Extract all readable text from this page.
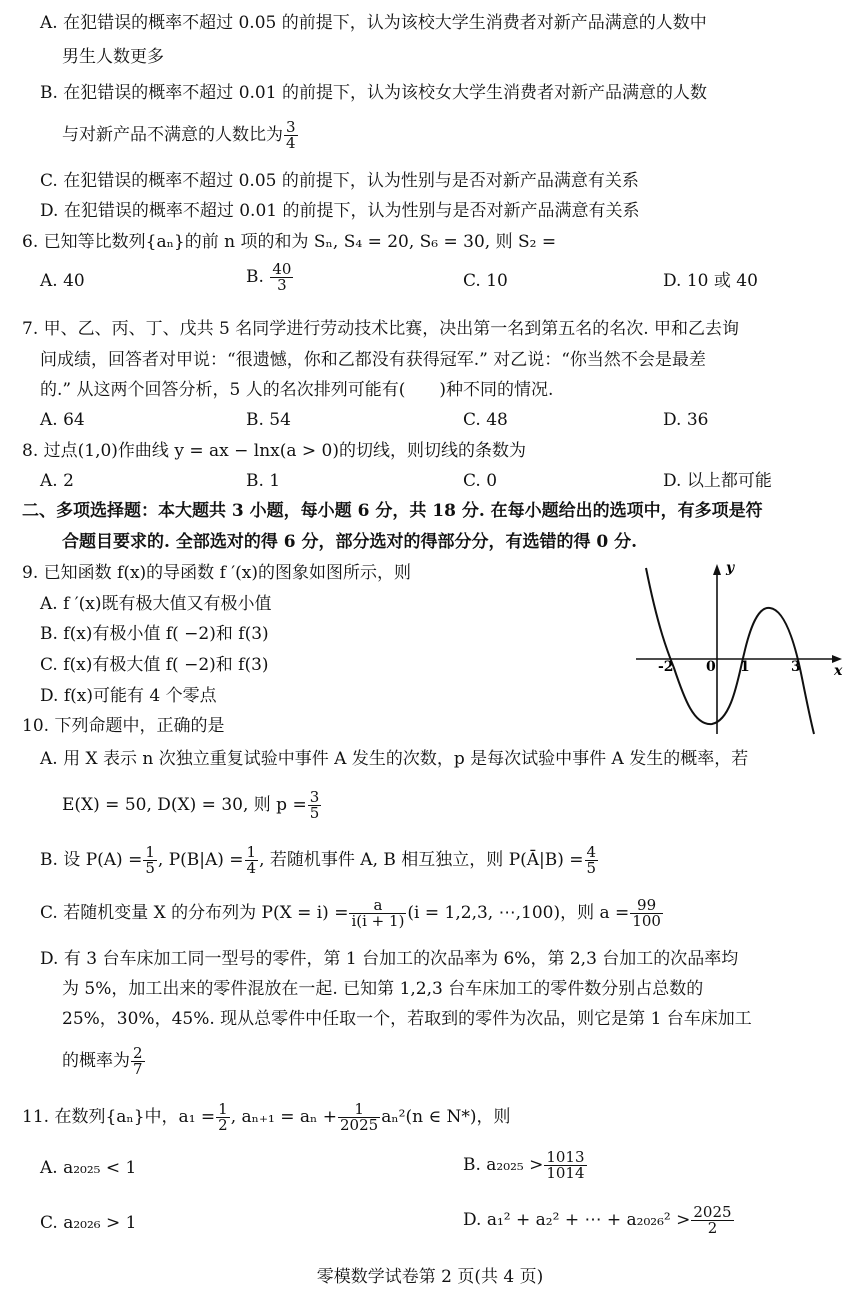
A. 在犯错误的概率不超过 0.05 的前提下，认为该校大学生消费者对新产品满意的人数中
男生人数更多
B. 在犯错误的概率不超过 0.01 的前提下，认为该校女大学生消费者对新产品满意的人数
与对新产品不满意的人数比为 $\frac{3}{4}$
C. 在犯错误的概率不超过 0.05 的前提下，认为性别与是否对新产品满意有关系
D. 在犯错误的概率不超过 0.01 的前提下，认为性别与是否对新产品满意有关系
6. 已知等比数列{aₙ}的前 n 项的和为 Sₙ, S₄ = 20, S₆ = 30, 则 S₂ =
A. 40	B. $\frac{40}{3}$	C. 10	D. 10 或 40
7. 甲、乙、丙、丁、戊共 5 名同学进行劳动技术比赛，决出第一名到第五名的名次. 甲和乙去询
问成绩，回答者对甲说：“很遗憾，你和乙都没有获得冠军.” 对乙说：“你当然不会是最差
的.” 从这两个回答分析，5 人的名次排列可能有(　　)种不同的情况.
A. 64	B. 54	C. 48	D. 36
8. 过点(1,0)作曲线 y = ax − lnx(a > 0)的切线，则切线的条数为
A. 2	B. 1	C. 0	D. 以上都可能
二、多项选择题：本大题共 3 小题，每小题 6 分，共 18 分. 在每小题给出的选项中，有多项是符
合题目要求的. 全部选对的得 6 分，部分选对的得部分分，有选错的得 0 分.
9. 已知函数 f(x)的导函数 f ′(x)的图象如图所示，则
A. f ′(x)既有极大值又有极小值
B. f(x)有极小值 f( −2)和 f(3)
C. f(x)有极大值 f( −2)和 f(3)
D. f(x)可能有 4 个零点
y
x
-2 0 1	3
10. 下列命题中，正确的是
A. 用 X 表示 n 次独立重复试验中事件 A 发生的次数，p 是每次试验中事件 A 发生的概率，若
E(X) = 50, D(X) = 30, 则 $p = \frac{3}{5}$
B. 设 $P(A) = \frac{1}{5}$ , $P(B|A) = \frac{1}{4}$ , 若随机事件 A, B 相互独立，则 P(Ā|B) = $\frac{4}{5}$
C. 若随机变量 X 的分布列为 $P(X = i) = \frac{a}{i(i + 1)} (i = 1,2,3$, ⋯,100)，则 $a = \frac{99}{100}$
D. 有 3 台车床加工同一型号的零件，第 1 台加工的次品率为 6%，第 2,3 台加工的次品率均
为 5%，加工出来的零件混放在一起. 已知第 1,2,3 台车床加工的零件数分别占总数的
25%，30%，45%. 现从总零件中任取一个，若取到的零件为次品，则它是第 1 台车床加工
的概率为 $\frac{2}{7}$
11. 在数列{aₙ}中，$a_1 = \frac{1}{2}$ , $a_{n+1} = a_n + \frac{1}{2025} a_n^2(n$ ∈ N*)，则
A. a₂₀₂₅ < 1	B. $a_{2025} > \frac{1013}{1014}$
C. a₂₀₂₆ > 1	D. a₁² + a₂² + ⋯ + $a_{2026}^2 > \frac{2025}{2}$
零模数学试卷第 2 页(共 4 页)
